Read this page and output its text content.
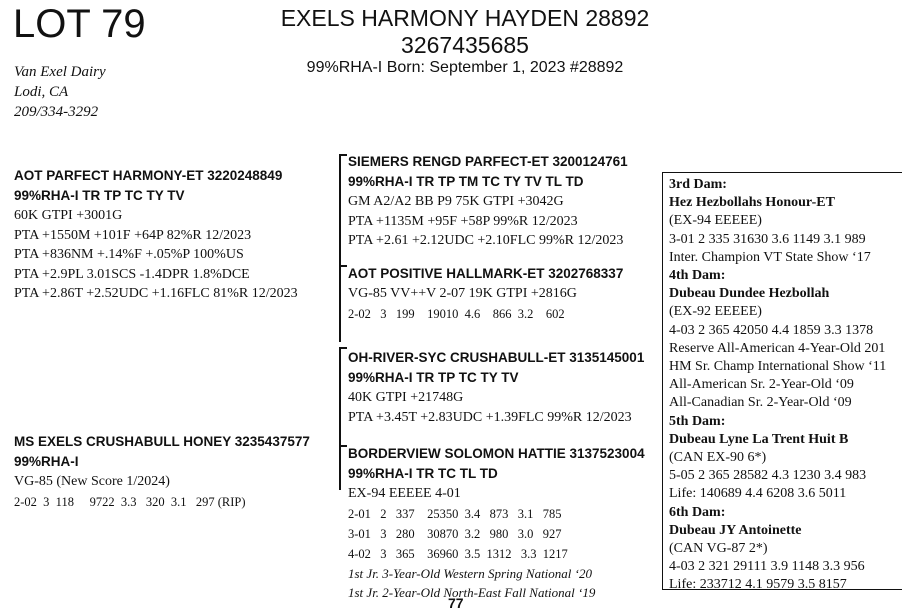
LOT 79
Van Exel Dairy
Lodi, CA
209/334-3292
EXELS HARMONY HAYDEN 28892
3267435685
99%RHA-I Born: September 1, 2023 #28892
AOT PARFECT HARMONY-ET 3220248849
99%RHA-I TR TP TC TY TV
60K GTPI +3001G
PTA +1550M +101F +64P 82%R 12/2023
PTA +836NM +.14%F +.05%P 100%US
PTA +2.9PL 3.01SCS -1.4DPR 1.8%DCE
PTA +2.86T +2.52UDC +1.16FLC 81%R 12/2023
MS EXELS CRUSHABULL HONEY 3235437577
99%RHA-I
VG-85 (New Score 1/2024)
2-02  3  118     9722  3.3   320  3.1   297 (RIP)
SIEMERS RENGD PARFECT-ET 3200124761
99%RHA-I TR TP TM TC TY TV TL TD
GM A2/A2 BB P9 75K GTPI +3042G
PTA +1135M +95F +58P 99%R 12/2023
PTA +2.61 +2.12UDC +2.10FLC 99%R 12/2023
AOT POSITIVE HALLMARK-ET 3202768337
VG-85 VV++V 2-07 19K GTPI +2816G
2-02   3   199    19010  4.6    866  3.2    602
OH-RIVER-SYC CRUSHABULL-ET 3135145001
99%RHA-I TR TP TC TY TV
40K GTPI +21748G
PTA +3.45T +2.83UDC +1.39FLC 99%R 12/2023
BORDERVIEW SOLOMON HATTIE 3137523004
99%RHA-I TR TC TL TD
EX-94 EEEEE 4-01
2-01   2   337    25350  3.4   873   3.1   785
3-01   3   280    30870  3.2   980   3.0   927
4-02   3   365    36960  3.5  1312   3.3  1217
1st Jr. 3-Year-Old Western Spring National ‘20
1st Jr. 2-Year-Old North-East Fall National ‘19
3rd Dam:
Hez Hezbollahs Honour-ET
(EX-94 EEEEE)
3-01 2 335 31630 3.6 1149 3.1 989
Inter. Champion VT State Show ‘17
4th Dam:
Dubeau Dundee Hezbollah
(EX-92 EEEEE)
4-03 2 365 42050 4.4 1859 3.3 1378
Reserve All-American 4-Year-Old 201
HM Sr. Champ International Show ‘11
All-American Sr. 2-Year-Old ‘09
All-Canadian Sr. 2-Year-Old ‘09
5th Dam:
Dubeau Lyne La Trent Huit B
(CAN EX-90 6*)
5-05 2 365 28582 4.3 1230 3.4 983
Life: 140689 4.4 6208 3.6 5011
6th Dam:
Dubeau JY Antoinette
(CAN VG-87 2*)
4-03 2 321 29111 3.9 1148 3.3 956
Life: 233712 4.1 9579 3.5 8157
77
